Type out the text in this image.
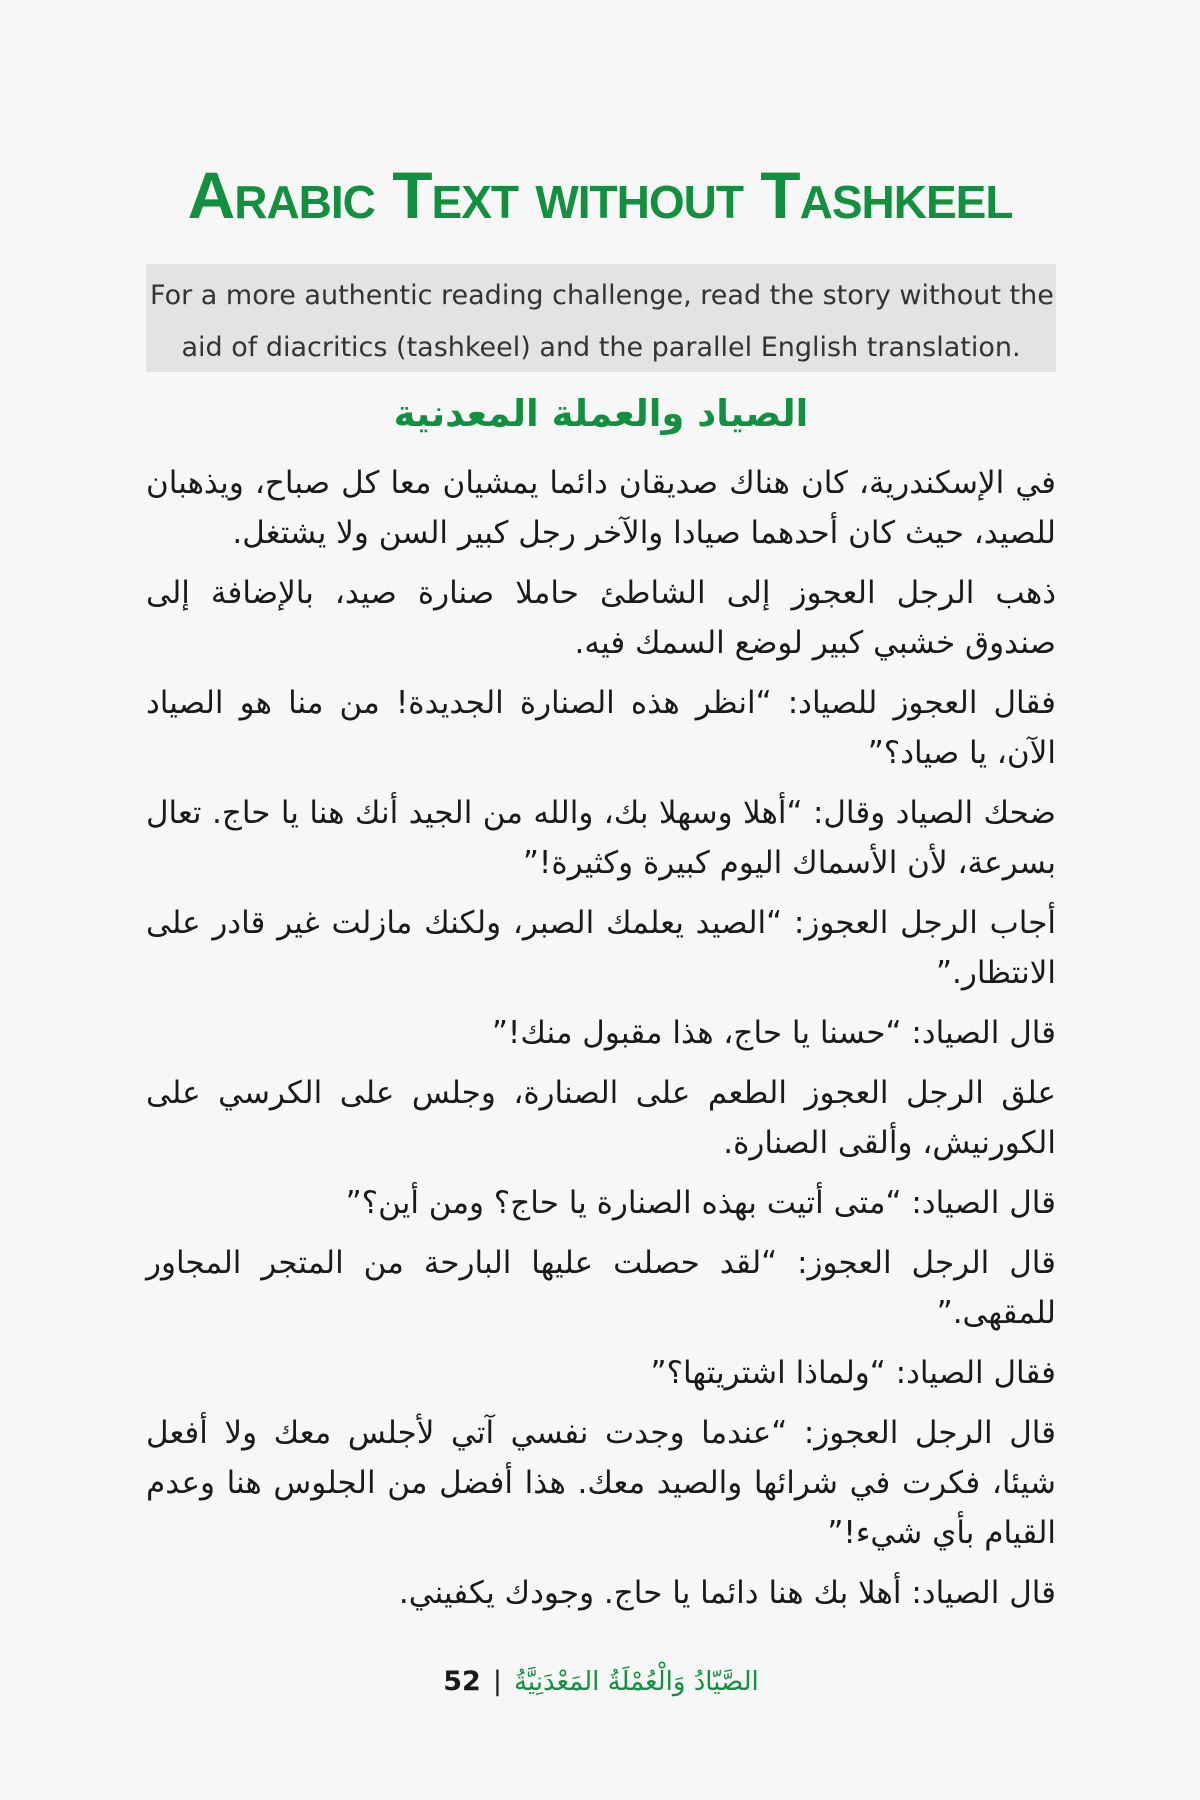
Arabic Text without Tashkeel
For a more authentic reading challenge, read the story without the
aid of diacritics (tashkeel) and the parallel English translation.
الصياد والعملة المعدنية

في الإسكندرية، كان هناك صديقان دائما يمشيان معا كل صباح، ويذهبان للصيد، حيث كان أحدهما صيادا والآخر رجل كبير السن ولا يشتغل.

ذهب الرجل العجوز إلى الشاطئ حاملا صنارة صيد، بالإضافة إلى صندوق خشبي كبير لوضع السمك فيه.

فقال العجوز للصياد: “انظر هذه الصنارة الجديدة! من منا هو الصياد الآن، يا صياد؟”

ضحك الصياد وقال: “أهلا وسهلا بك، والله من الجيد أنك هنا يا حاج. تعال بسرعة، لأن الأسماك اليوم كبيرة وكثيرة!”

أجاب الرجل العجوز: “الصيد يعلمك الصبر، ولكنك مازلت غير قادر على الانتظار.”

قال الصياد: “حسنا يا حاج، هذا مقبول منك!”

علق الرجل العجوز الطعم على الصنارة، وجلس على الكرسي على الكورنيش، وألقى الصنارة.

قال الصياد: “متى أتيت بهذه الصنارة يا حاج؟ ومن أين؟”

قال الرجل العجوز: “لقد حصلت عليها البارحة من المتجر المجاور للمقهى.”

فقال الصياد: “ولماذا اشتريتها؟”

قال الرجل العجوز: “عندما وجدت نفسي آتي لأجلس معك ولا أفعل شيئا، فكرت في شرائها والصيد معك. هذا أفضل من الجلوس هنا وعدم القيام بأي شيء!”

قال الصياد: أهلا بك هنا دائما يا حاج. وجودك يكفيني.

52 | الصَّيّادُ وَالْعُمْلَةُ المَعْدَنِيَّةُ
